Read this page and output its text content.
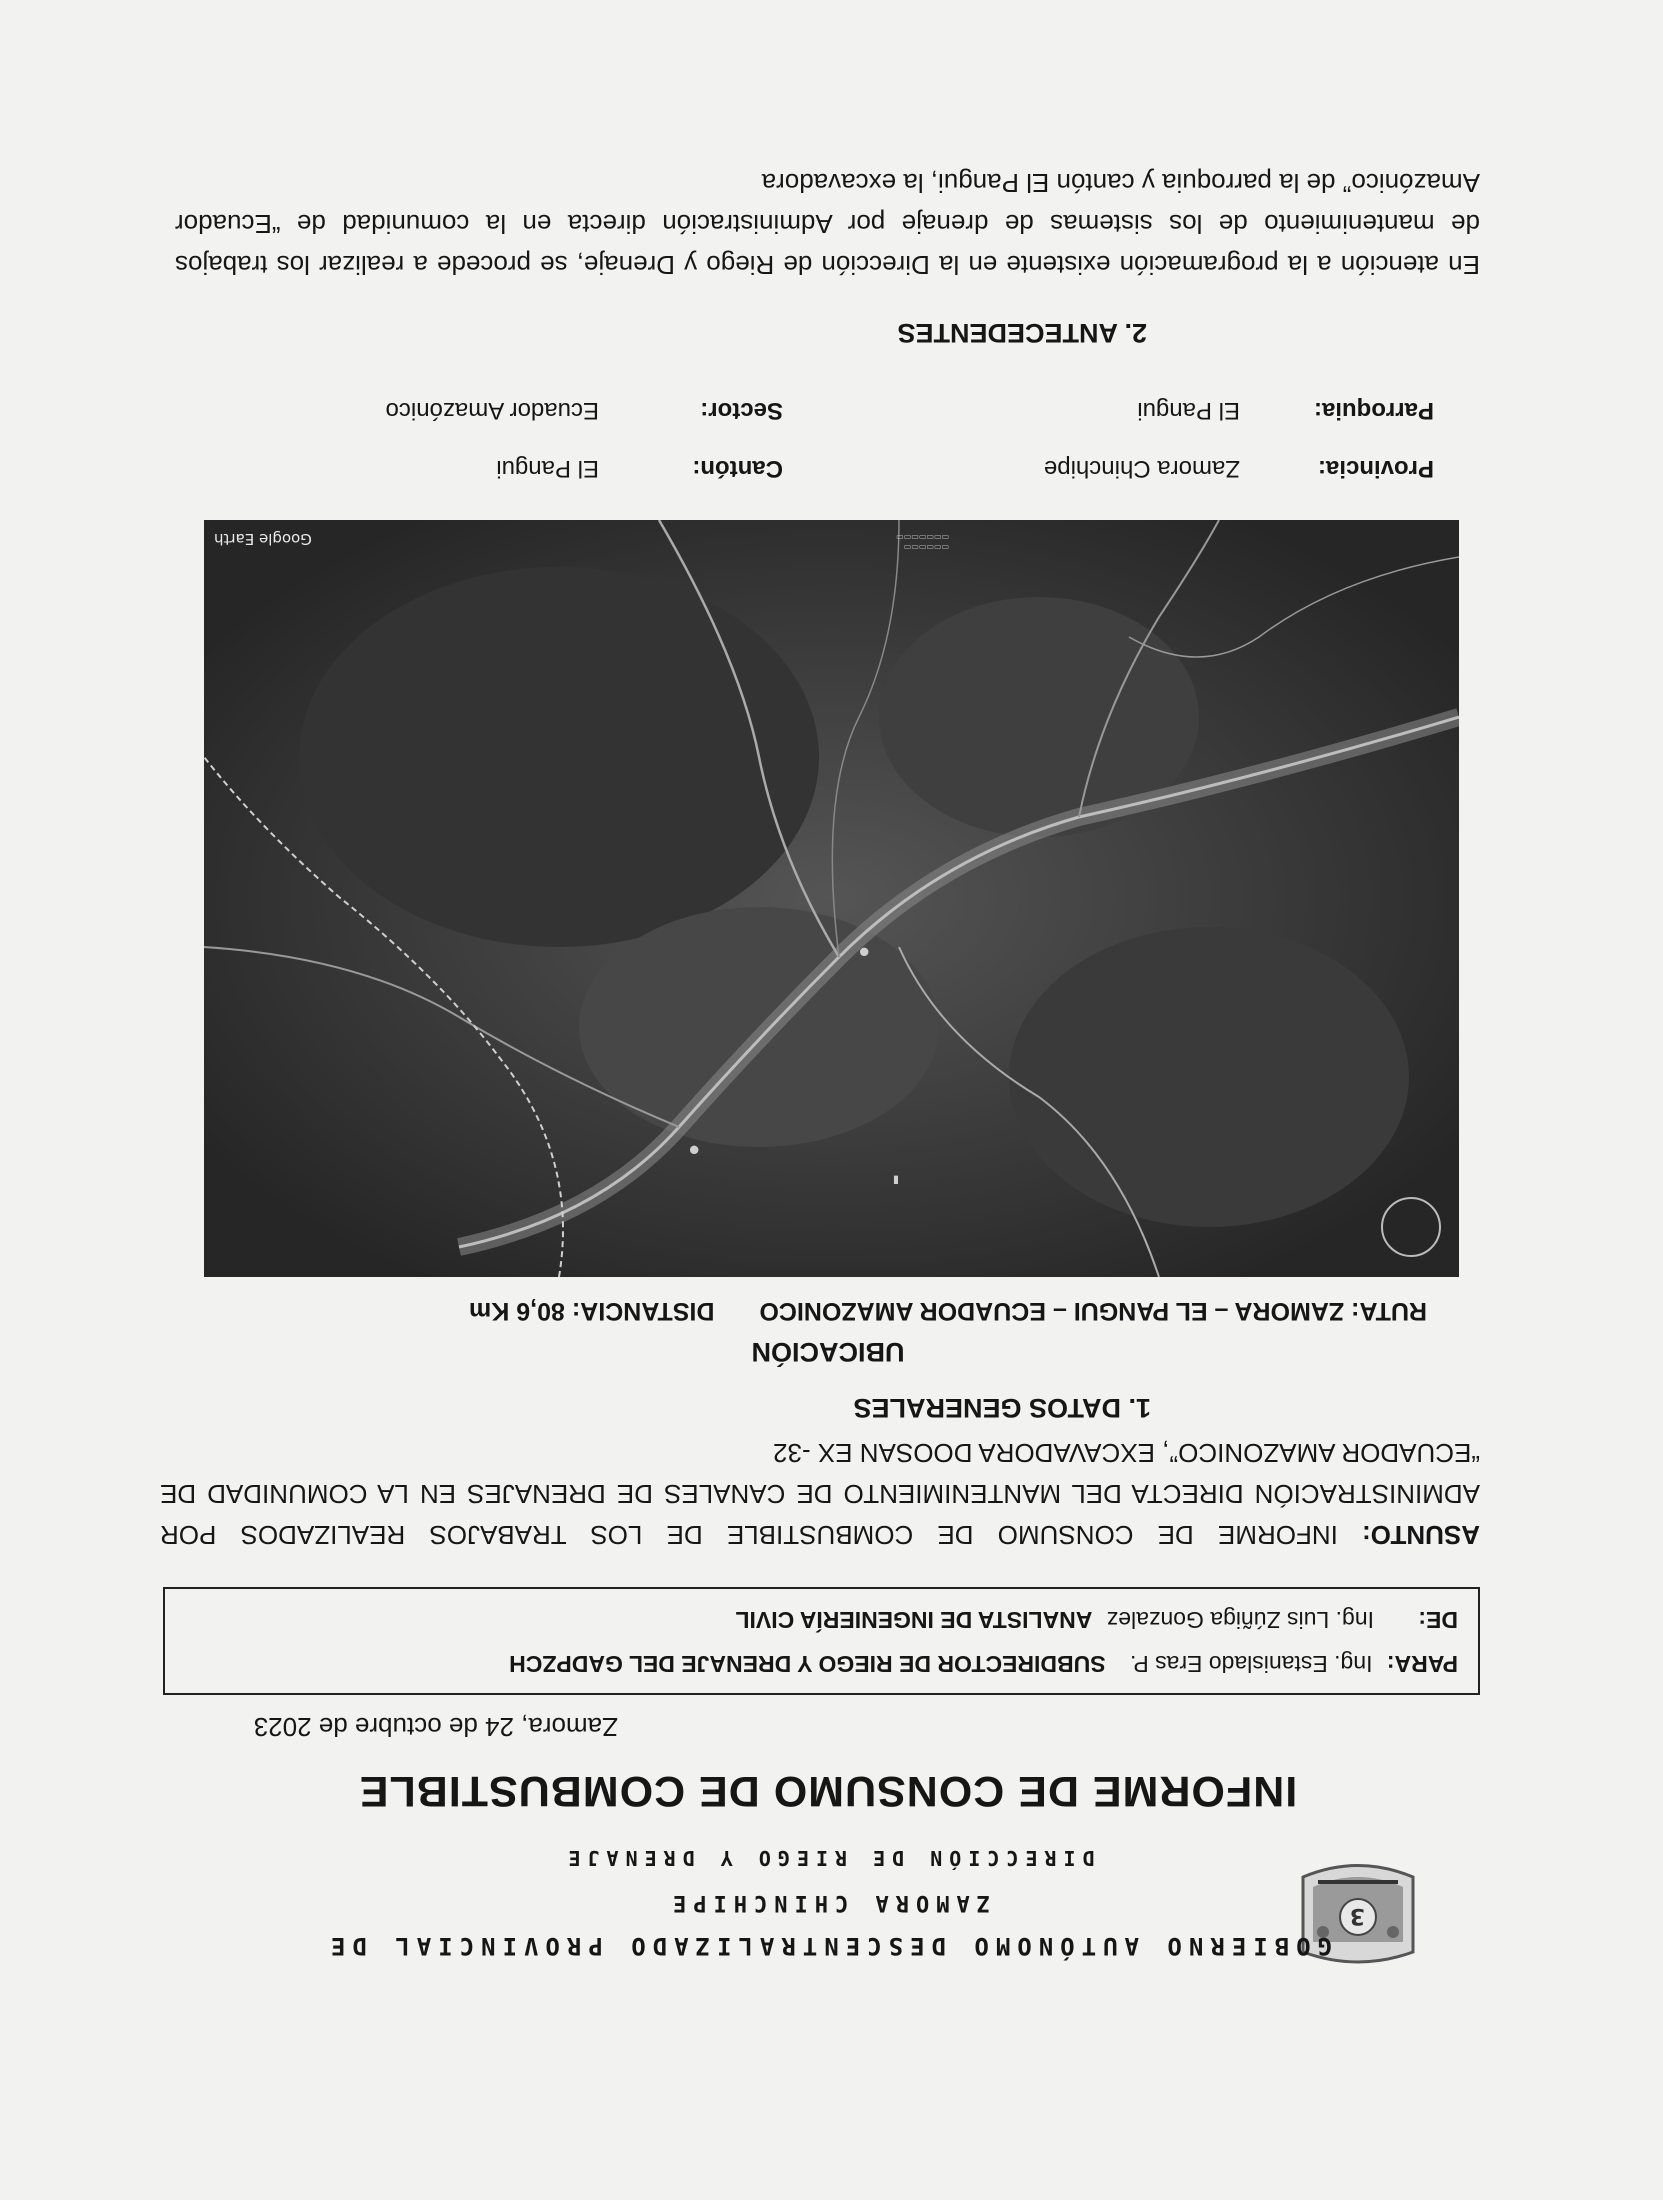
3
GOBIERNO AUTÓNOMO DESCENTRALIZADO PROVINCIAL DE
ZAMORA CHINCHIPE
DIRECCIÓN DE RIEGO Y DRENAJE
INFORME DE CONSUMO DE COMBUSTIBLE
Zamora, 24 de octubre de 2023
PARA: Ing. Estanislado Eras P. SUBDIRECTOR DE RIEGO Y DRENAJE DEL GADPZCH
DE: Ing. Luis Zúñiga Gonzalez ANALISTA DE INGENIERÍA CIVIL
ASUNTO: INFORME DE CONSUMO DE COMBUSTIBLE DE LOS TRABAJOS REALIZADOS POR ADMINISTRACIÓN DIRECTA DEL MANTENIMIENTO DE CANALES DE DRENAJES EN LA COMUNIDAD DE “ECUADOR AMAZONICO”, EXCAVADORA DOOSAN EX -32
1. DATOS GENERALES
UBICACIÓN
RUTA: ZAMORA – EL PANGUI – ECUADOR AMAZONICO DISTANCIA: 80,6 Km
●
●
▮
▭▭▭▭▭▭
▭▭▭▭▭▭▭
Google Earth
Provincia:
Zamora Chinchipe
Cantón:
El Pangui
Parroquia:
El Pangui
Sector:
Ecuador Amazónico
2. ANTECEDENTES
En atención a la programación existente en la Dirección de Riego y Drenaje, se procede a realizar los trabajos de mantenimiento de los sistemas de drenaje por Administración directa en la comunidad de “Ecuador Amazónico” de la parroquia y cantón El Pangui, la excavadora
